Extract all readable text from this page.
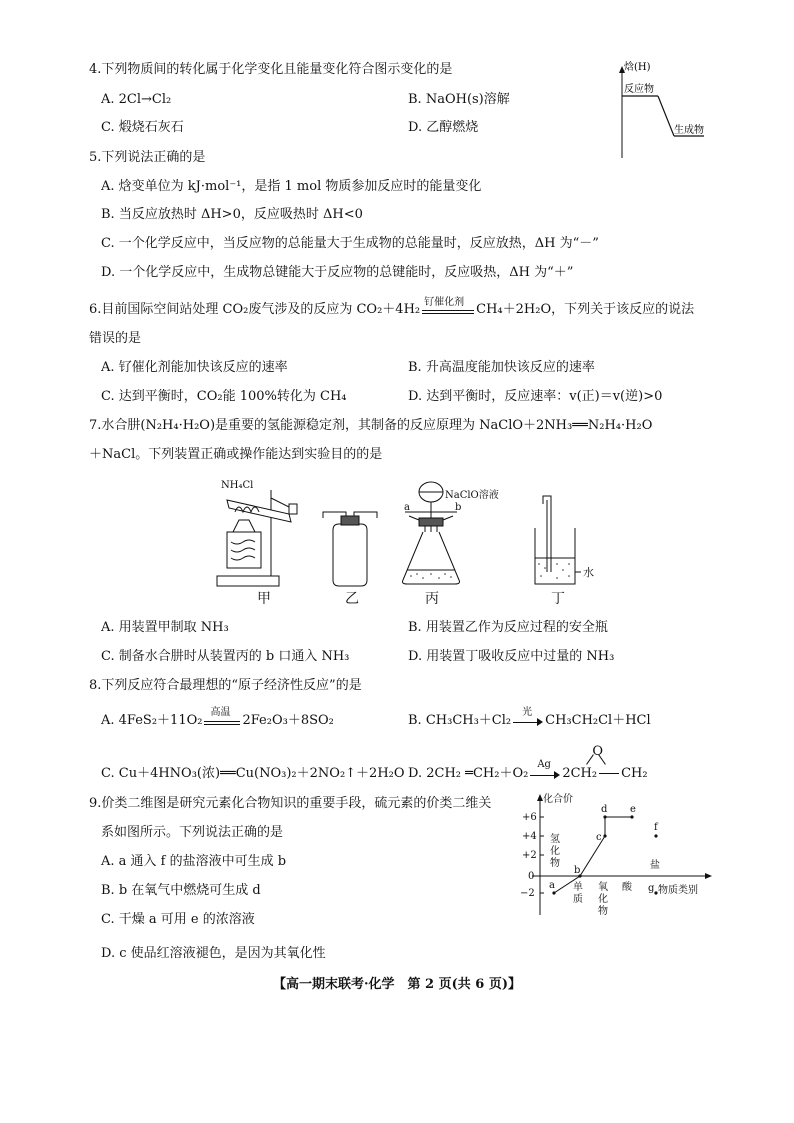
4.下列物质间的转化属于化学变化且能量变化符合图示变化的是
A. 2Cl→Cl₂	B. NaOH(s)溶解
C. 煅烧石灰石	D. 乙醇燃烧
焓(H)
反应物
生成物
5.下列说法正确的是
A. 焓变单位为 kJ·mol⁻¹，是指 1 mol 物质参加反应时的能量变化
B. 当反应放热时 ΔH>0，反应吸热时 ΔH<0
C. 一个化学反应中，当反应物的总能量大于生成物的总能量时，反应放热，ΔH 为“－”
D. 一个化学反应中，生成物总键能大于反应物的总键能时，反应吸热，ΔH 为“＋”
6.目前国际空间站处理 CO₂废气涉及的反应为 CO₂＋4H₂ 钌催化剂 CH₄＋2H₂O，下列关于该反应的说法
错误的是
A. 钌催化剂能加快该反应的速率	B. 升高温度能加快该反应的速率
C. 达到平衡时，CO₂能 100%转化为 CH₄	D. 达到平衡时，反应速率：v(正)＝v(逆)>0
7.水合肼(N₂H₄·H₂O)是重要的氢能源稳定剂，其制备的反应原理为 NaClO＋2NH₃══N₂H₄·H₂O
＋NaCl。下列装置正确或操作能达到实验目的的是
NH₄Cl
甲	乙
NaClO溶液
a	b
丙
水
丁
A. 用装置甲制取 NH₃	B. 用装置乙作为反应过程的安全瓶
C. 制备水合肼时从装置丙的 b 口通入 NH₃	D. 用装置丁吸收反应中过量的 NH₃
8.下列反应符合最理想的“原子经济性反应”的是
A. 4FeS₂＋11O₂
高温
2Fe₂O₃＋8SO₂	B. CH₃CH₃＋Cl₂
光
CH₃CH₂Cl＋HCl
C. Cu＋4HNO₃(浓)══Cu(NO₃)₂＋2NO₂↑＋2H₂O D. 2CH₂ ═CH₂＋O₂
Ag
2CH₂ CH₂
O
9.价类二维图是研究元素化合物知识的重要手段，硫元素的价类二维关
系如图所示。下列说法正确的是
A. a 通入 f 的盐溶液中可生成 b
B. b 在氧气中燃烧可生成 d
C. 干燥 a 可用 e 的浓溶液
D. c 使品红溶液褪色，是因为其氧化性
化合价
物质类别
+6
+4
+2
0
−2
氢
化
物
单
质
氧
化
物
酸
盐
a
b
c
d e
f
g
【高一期末联考·化学　第 2 页(共 6 页)】
